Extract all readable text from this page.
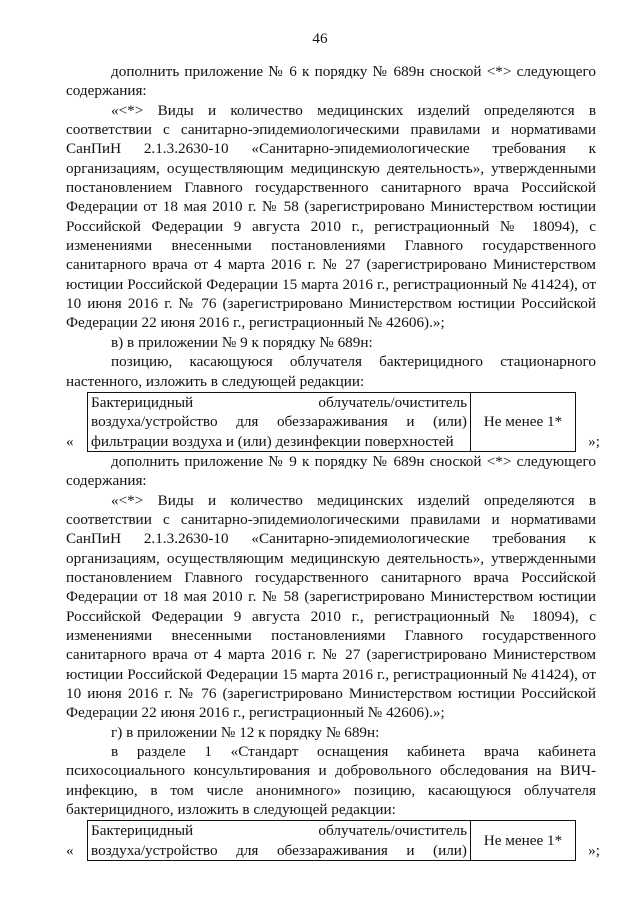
46

дополнить приложение № 6 к порядку № 689н сноской <*> следующего содержания:

«<*> Виды и количество медицинских изделий определяются в соответствии с санитарно-эпидемиологическими правилами и нормативами СанПиН 2.1.3.2630-10 «Санитарно-эпидемиологические требования к организациям, осуществляющим медицинскую деятельность», утвержденными постановлением Главного государственного санитарного врача Российской Федерации от 18 мая 2010 г. № 58 (зарегистрировано Министерством юстиции Российской Федерации 9 августа 2010 г., регистрационный № 18094), с изменениями внесенными постановлениями Главного государственного санитарного врача от 4 марта 2016 г. № 27 (зарегистрировано Министерством юстиции Российской Федерации 15 марта 2016 г., регистрационный № 41424), от 10 июня 2016 г. № 76 (зарегистрировано Министерством юстиции Российской Федерации 22 июня 2016 г., регистрационный № 42606).»;

в) в приложении № 9 к порядку № 689н:

позицию, касающуюся облучателя бактерицидного стационарного настенного, изложить в следующей редакции:

«
Бактерицидный облучатель/очиститель
воздуха/устройство для обеззараживания и (или)
фильтрации воздуха и (или) дезинфекции поверхностей
Не менее 1*
»;

дополнить приложение № 9 к порядку № 689н сноской <*> следующего содержания:

«<*> Виды и количество медицинских изделий определяются в соответствии с санитарно-эпидемиологическими правилами и нормативами СанПиН 2.1.3.2630-10 «Санитарно-эпидемиологические требования к организациям, осуществляющим медицинскую деятельность», утвержденными постановлением Главного государственного санитарного врача Российской Федерации от 18 мая 2010 г. № 58 (зарегистрировано Министерством юстиции Российской Федерации 9 августа 2010 г., регистрационный № 18094), с изменениями внесенными постановлениями Главного государственного санитарного врача от 4 марта 2016 г. № 27 (зарегистрировано Министерством юстиции Российской Федерации 15 марта 2016 г., регистрационный № 41424), от 10 июня 2016 г. № 76 (зарегистрировано Министерством юстиции Российской Федерации 22 июня 2016 г., регистрационный № 42606).»;

г) в приложении № 12 к порядку № 689н:

в разделе 1 «Стандарт оснащения кабинета врача кабинета психосоциального консультирования и добровольного обследования на ВИЧ-инфекцию, в том числе анонимного» позицию, касающуюся облучателя бактерицидного, изложить в следующей редакции:

«
Бактерицидный облучатель/очиститель
воздуха/устройство для обеззараживания и (или)
Не менее 1*
»;
